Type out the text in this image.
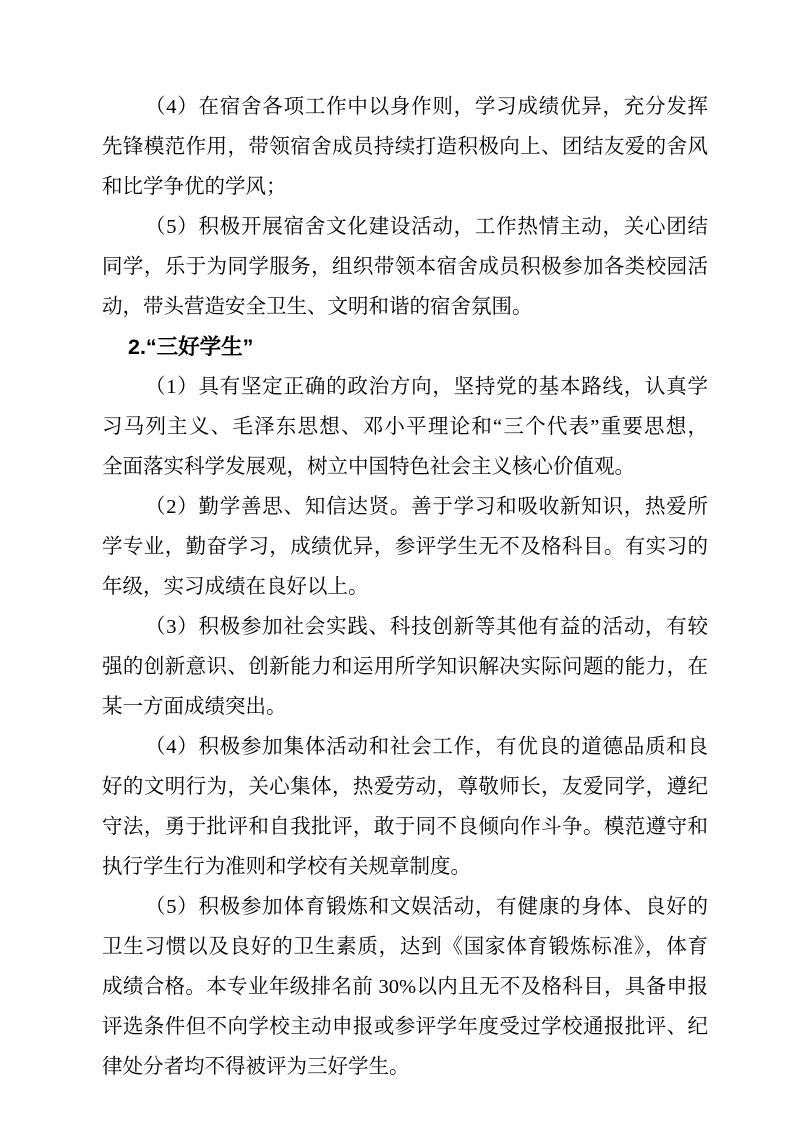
（4）在宿舍各项工作中以身作则，学习成绩优异，充分发挥
先锋模范作用，带领宿舍成员持续打造积极向上、团结友爱的舍风
和比学争优的学风；
（5）积极开展宿舍文化建设活动，工作热情主动，关心团结
同学，乐于为同学服务，组织带领本宿舍成员积极参加各类校园活
动，带头营造安全卫生、文明和谐的宿舍氛围。
2.“三好学生”
（1）具有坚定正确的政治方向，坚持党的基本路线，认真学
习马列主义、毛泽东思想、邓小平理论和“三个代表”重要思想，
全面落实科学发展观，树立中国特色社会主义核心价值观。
（2）勤学善思、知信达贤。善于学习和吸收新知识，热爱所
学专业，勤奋学习，成绩优异，参评学生无不及格科目。有实习的
年级，实习成绩在良好以上。
（3）积极参加社会实践、科技创新等其他有益的活动，有较
强的创新意识、创新能力和运用所学知识解决实际问题的能力，在
某一方面成绩突出。
（4）积极参加集体活动和社会工作，有优良的道德品质和良
好的文明行为，关心集体，热爱劳动，尊敬师长，友爱同学，遵纪
守法，勇于批评和自我批评，敢于同不良倾向作斗争。模范遵守和
执行学生行为准则和学校有关规章制度。
（5）积极参加体育锻炼和文娱活动，有健康的身体、良好的
卫生习惯以及良好的卫生素质，达到《国家体育锻炼标准》，体育
成绩合格。本专业年级排名前 30%以内且无不及格科目，具备申报
评选条件但不向学校主动申报或参评学年度受过学校通报批评、纪
律处分者均不得被评为三好学生。
